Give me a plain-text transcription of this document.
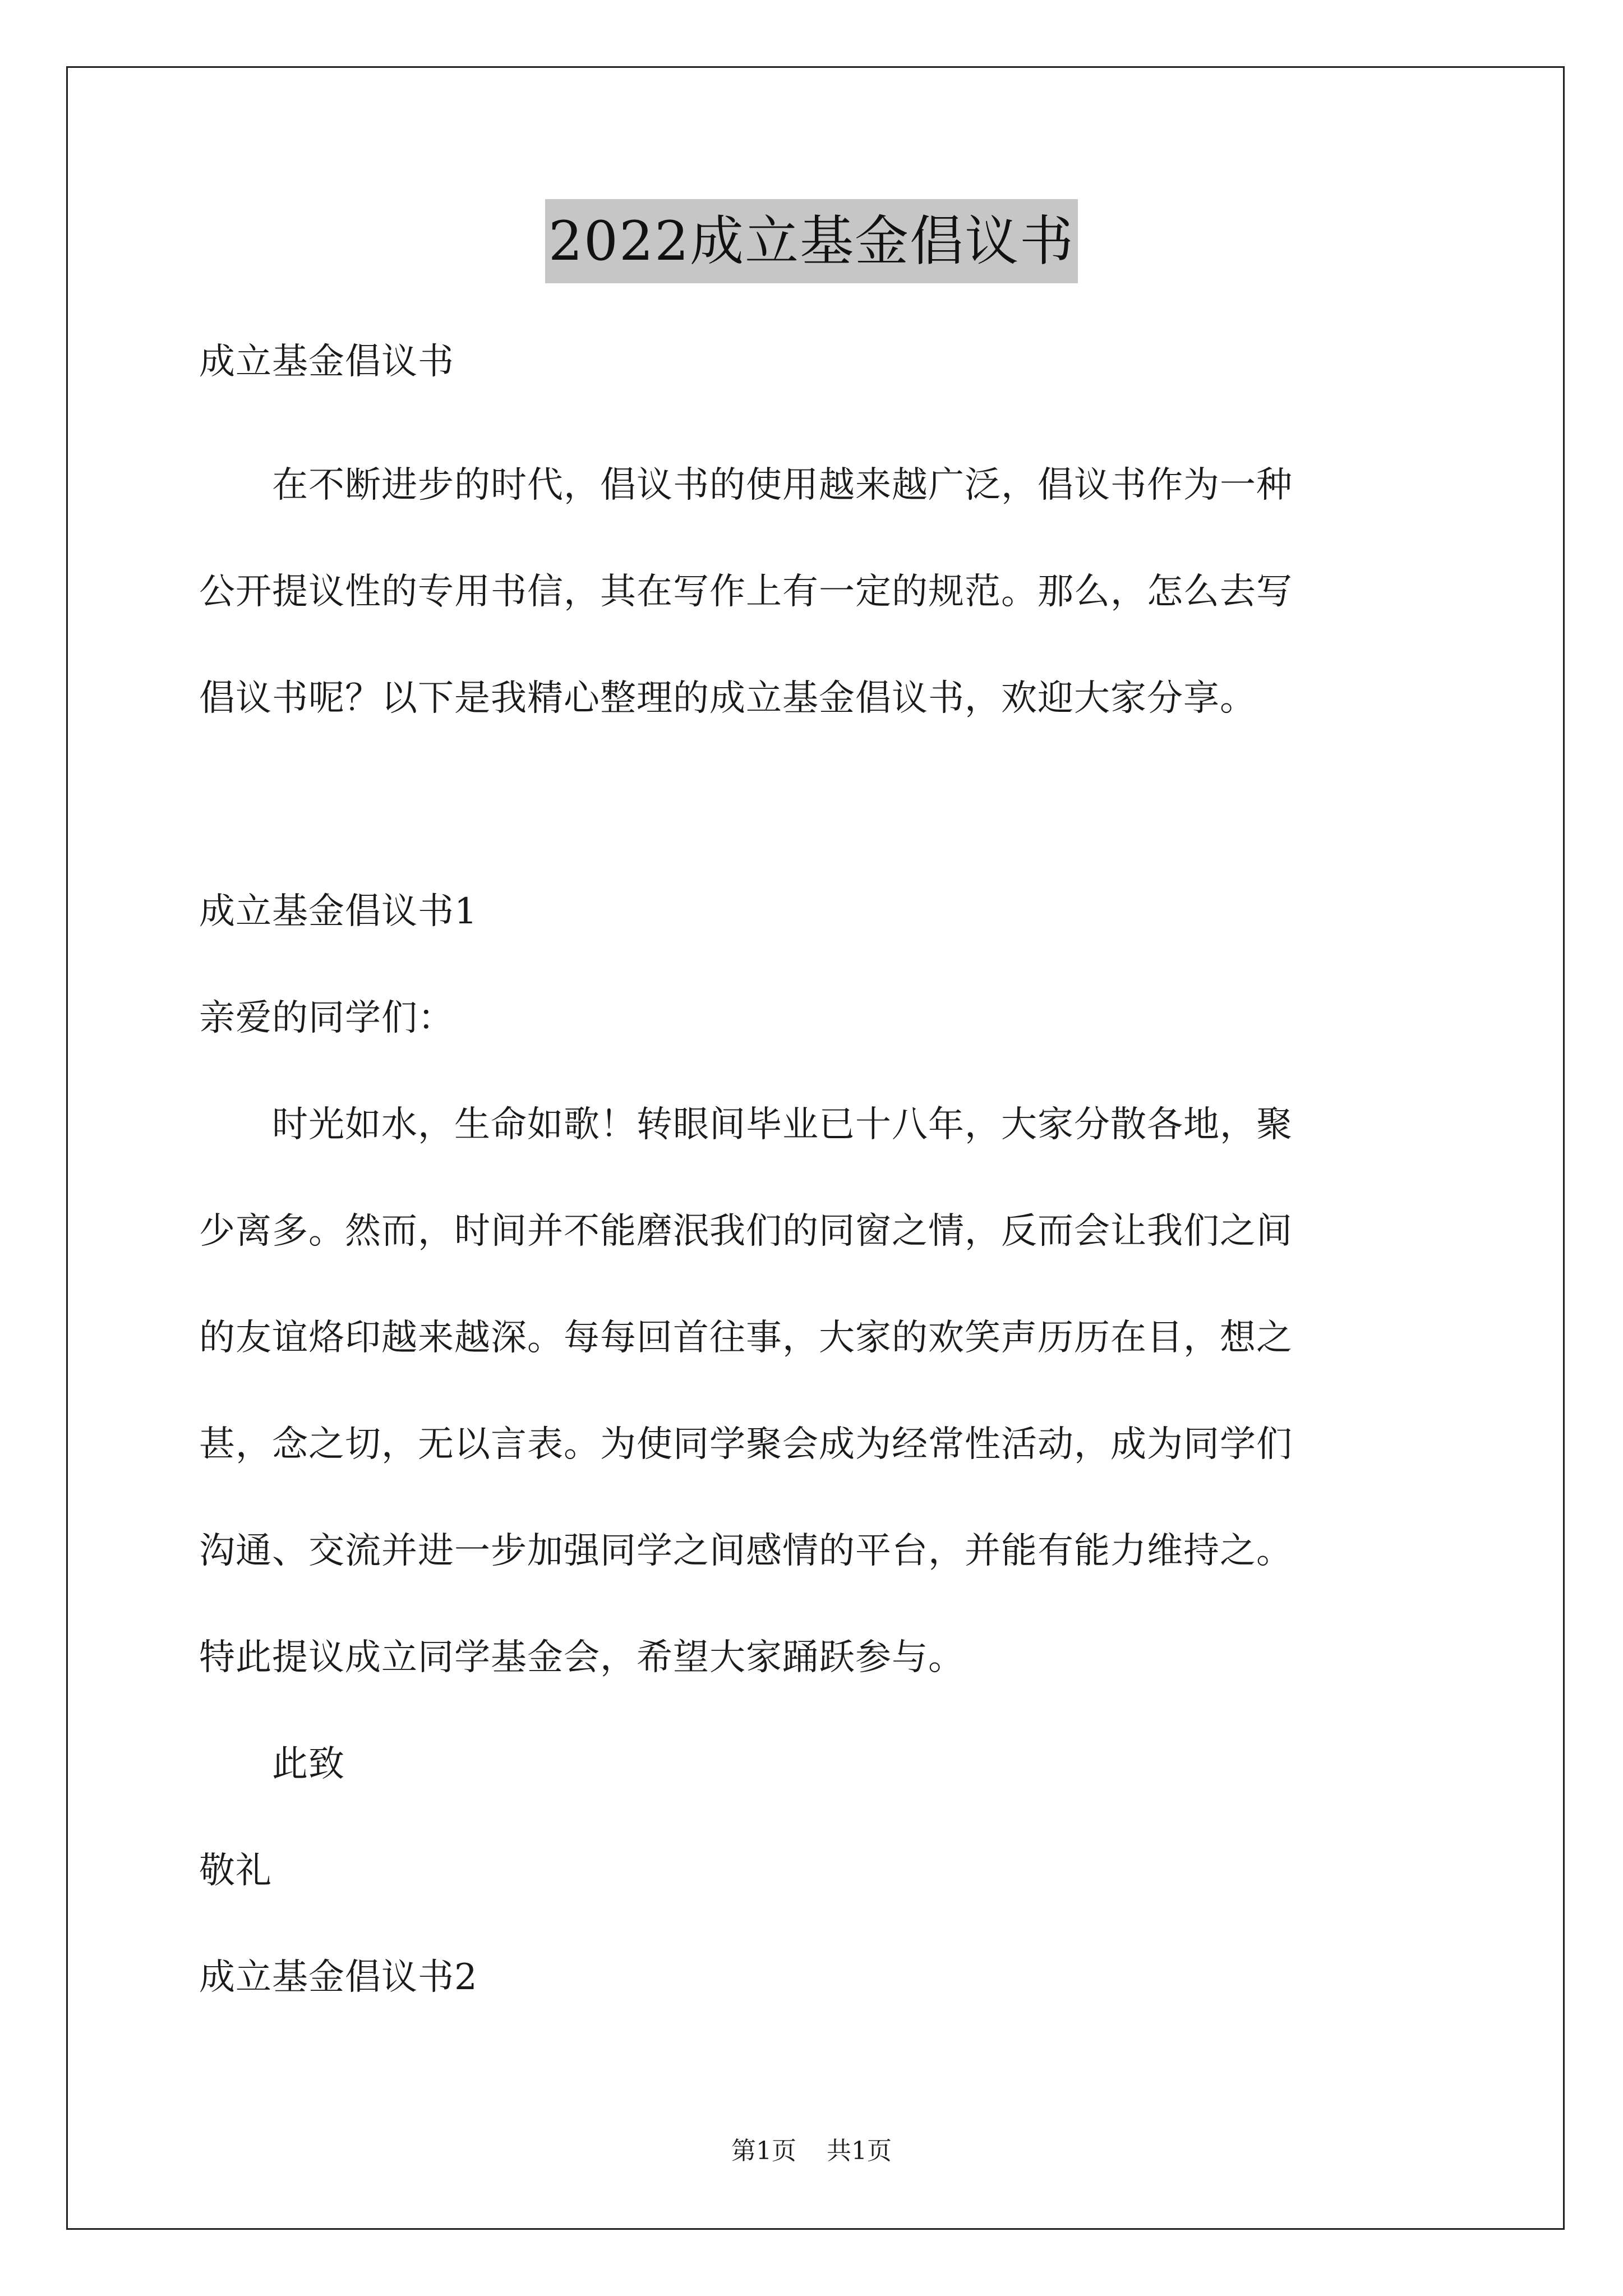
2022成立基金倡议书
成立基金倡议书
　　在不断进步的时代，倡议书的使用越来越广泛，倡议书作为一种
公开提议性的专用书信，其在写作上有一定的规范。那么，怎么去写
倡议书呢？以下是我精心整理的成立基金倡议书，欢迎大家分享。
成立基金倡议书1
亲爱的同学们：
　　时光如水，生命如歌！转眼间毕业已十八年，大家分散各地，聚
少离多。然而，时间并不能磨泯我们的同窗之情，反而会让我们之间
的友谊烙印越来越深。每每回首往事，大家的欢笑声历历在目，想之
甚，念之切，无以言表。为使同学聚会成为经常性活动，成为同学们
沟通、交流并进一步加强同学之间感情的平台，并能有能力维持之。
特此提议成立同学基金会，希望大家踊跃参与。
　　此致
敬礼
成立基金倡议书2
第1页 共1页
